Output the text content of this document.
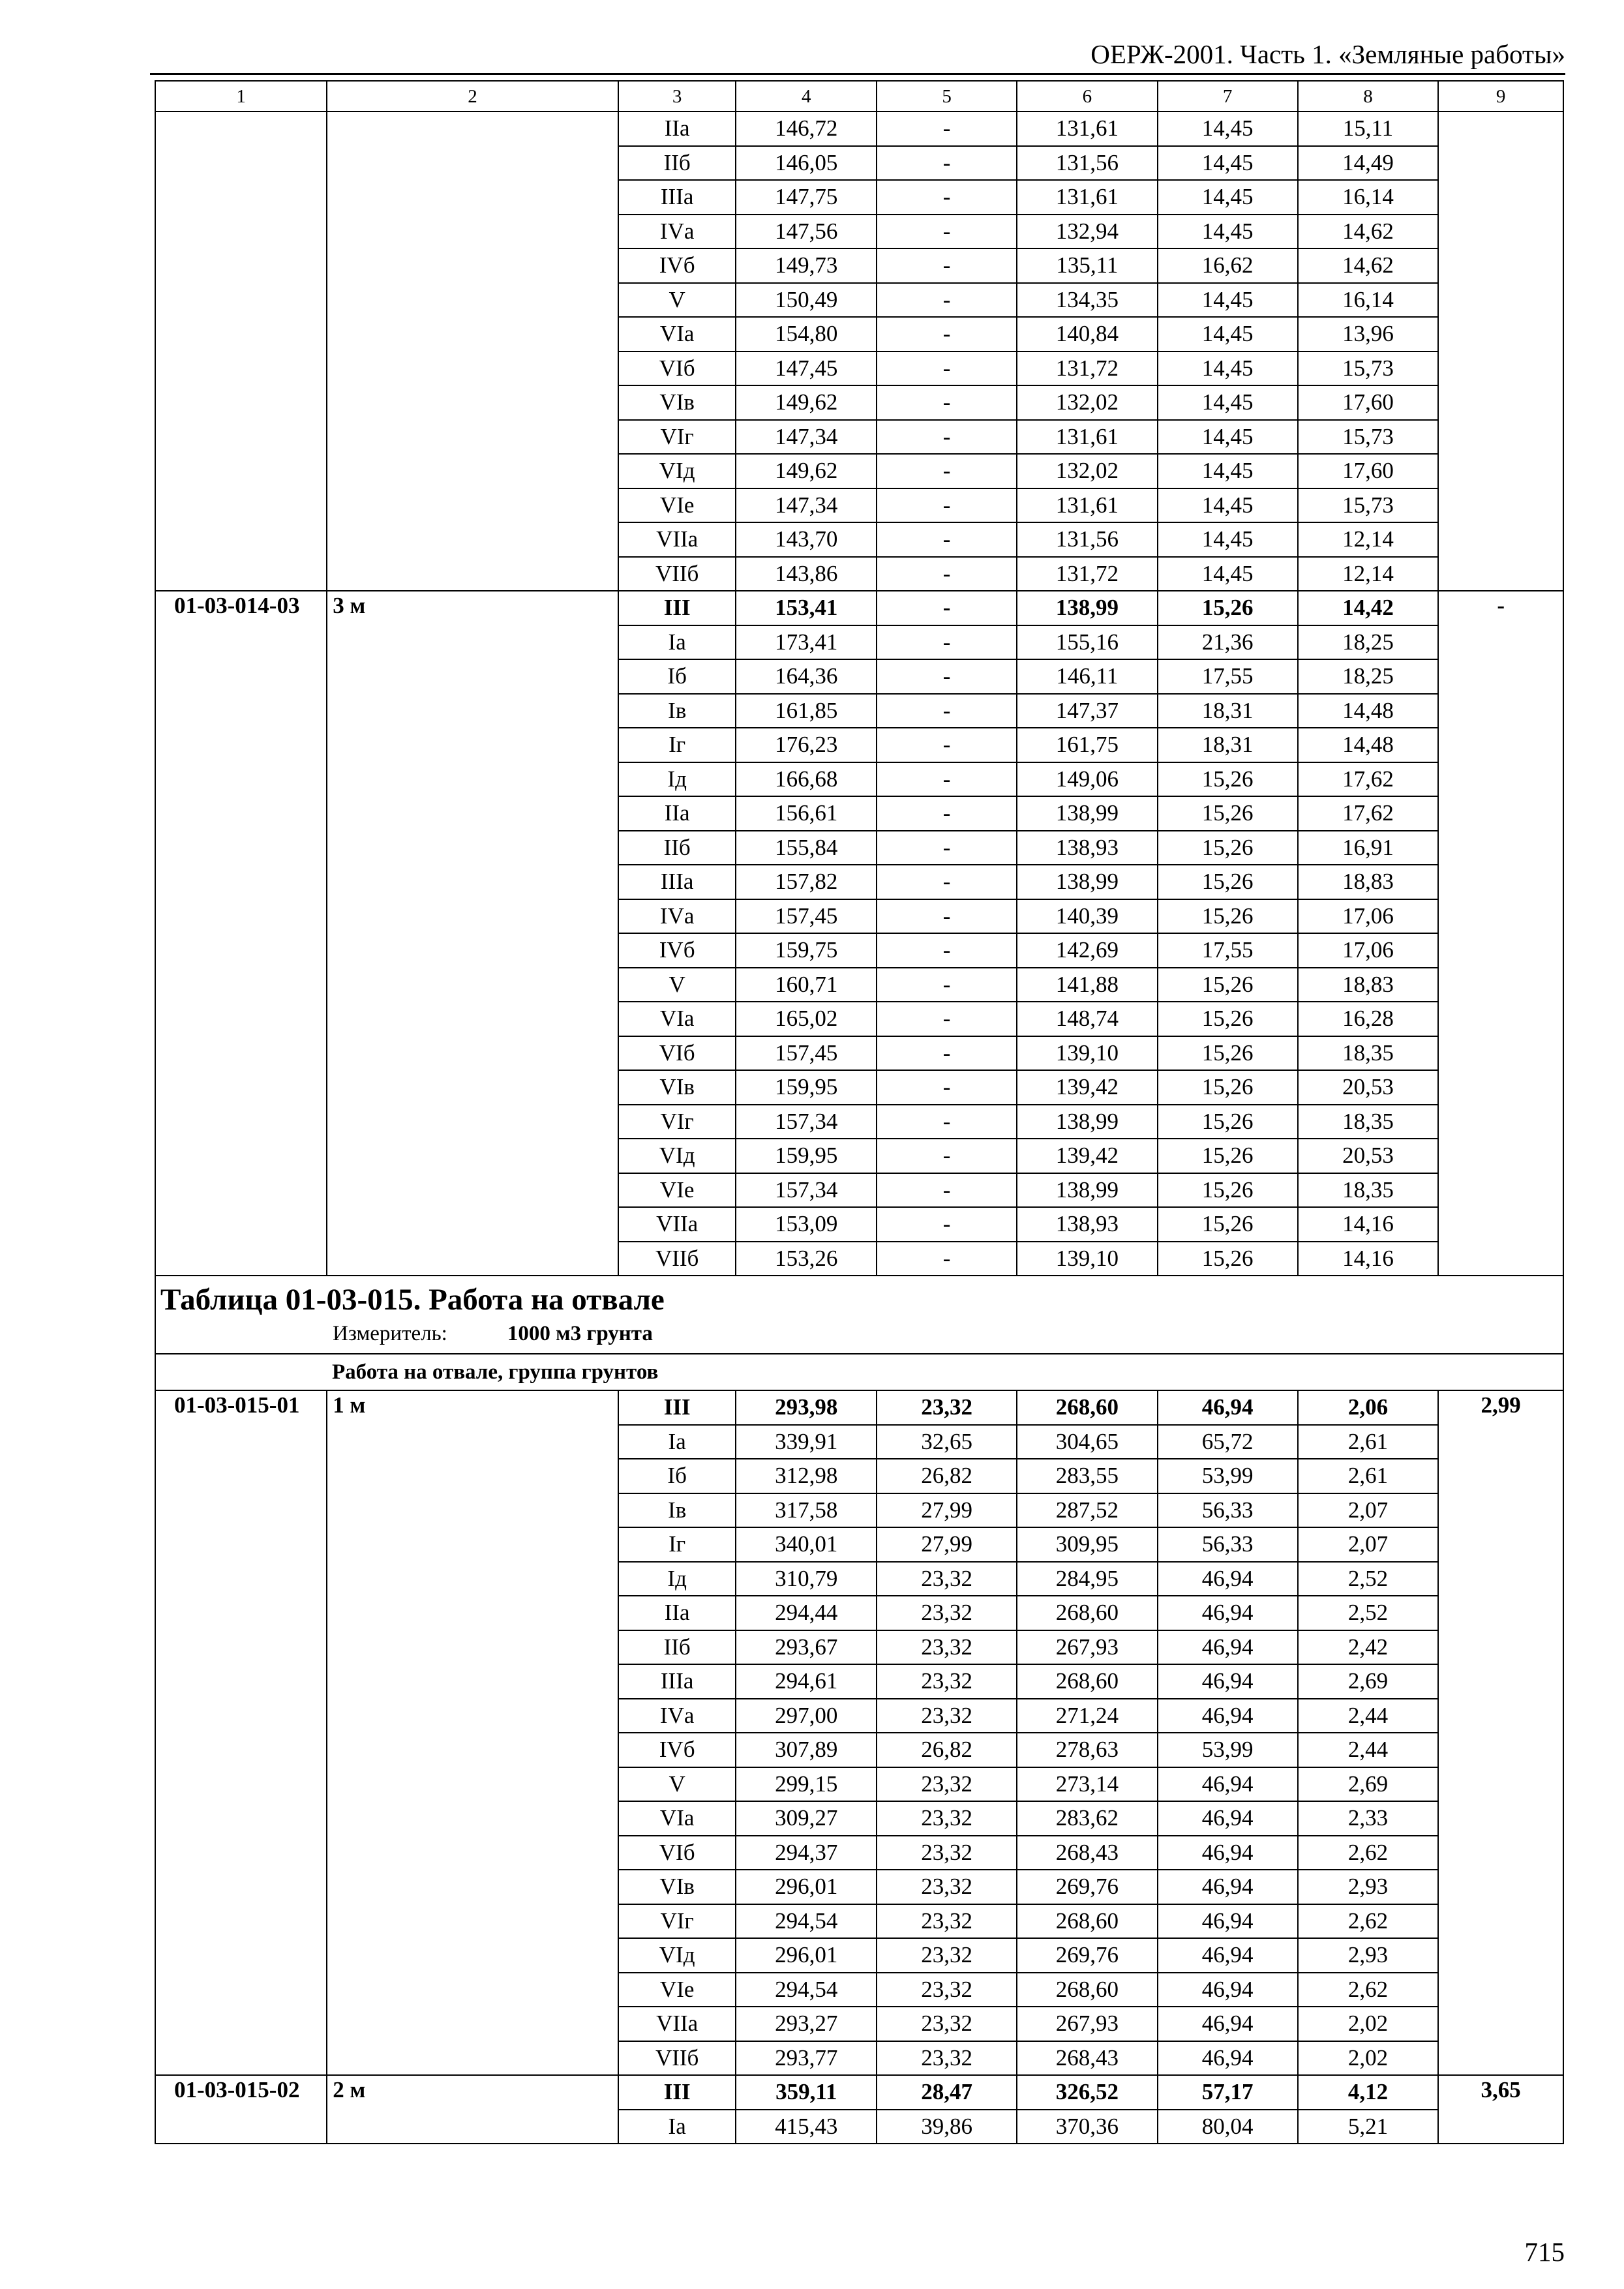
ОЕРЖ-2001. Часть 1. «Земляные работы»
1	2	3	4	5	6	7	8	9
		IIа	146,72	-	131,61	14,45	15,11	
		IIб	146,05	-	131,56	14,45	14,49	
		IIIа	147,75	-	131,61	14,45	16,14	
		IVа	147,56	-	132,94	14,45	14,62	
		IVб	149,73	-	135,11	16,62	14,62	
		V	150,49	-	134,35	14,45	16,14	
		VIа	154,80	-	140,84	14,45	13,96	
		VIб	147,45	-	131,72	14,45	15,73	
		VIв	149,62	-	132,02	14,45	17,60	
		VIг	147,34	-	131,61	14,45	15,73	
		VIд	149,62	-	132,02	14,45	17,60	
		VIе	147,34	-	131,61	14,45	15,73	
		VIIа	143,70	-	131,56	14,45	12,14	
		VIIб	143,86	-	131,72	14,45	12,14	
01-03-014-03	3 м	III	153,41	-	138,99	15,26	14,42	-
		Iа	173,41	-	155,16	21,36	18,25	
		Iб	164,36	-	146,11	17,55	18,25	
		Iв	161,85	-	147,37	18,31	14,48	
		Iг	176,23	-	161,75	18,31	14,48	
		Iд	166,68	-	149,06	15,26	17,62	
		IIа	156,61	-	138,99	15,26	17,62	
		IIб	155,84	-	138,93	15,26	16,91	
		IIIа	157,82	-	138,99	15,26	18,83	
		IVа	157,45	-	140,39	15,26	17,06	
		IVб	159,75	-	142,69	17,55	17,06	
		V	160,71	-	141,88	15,26	18,83	
		VIа	165,02	-	148,74	15,26	16,28	
		VIб	157,45	-	139,10	15,26	18,35	
		VIв	159,95	-	139,42	15,26	20,53	
		VIг	157,34	-	138,99	15,26	18,35	
		VIд	159,95	-	139,42	15,26	20,53	
		VIе	157,34	-	138,99	15,26	18,35	
		VIIа	153,09	-	138,93	15,26	14,16	
		VIIб	153,26	-	139,10	15,26	14,16	

Таблица 01-03-015. Работа на отвале
Измеритель: 1000 м3 грунта								

Работа на отвале, группа грунтов								
01-03-015-01	1 м	III	293,98	23,32	268,60	46,94	2,06	2,99
		Iа	339,91	32,65	304,65	65,72	2,61	
		Iб	312,98	26,82	283,55	53,99	2,61	
		Iв	317,58	27,99	287,52	56,33	2,07	
		Iг	340,01	27,99	309,95	56,33	2,07	
		Iд	310,79	23,32	284,95	46,94	2,52	
		IIа	294,44	23,32	268,60	46,94	2,52	
		IIб	293,67	23,32	267,93	46,94	2,42	
		IIIа	294,61	23,32	268,60	46,94	2,69	
		IVа	297,00	23,32	271,24	46,94	2,44	
		IVб	307,89	26,82	278,63	53,99	2,44	
		V	299,15	23,32	273,14	46,94	2,69	
		VIа	309,27	23,32	283,62	46,94	2,33	
		VIб	294,37	23,32	268,43	46,94	2,62	
		VIв	296,01	23,32	269,76	46,94	2,93	
		VIг	294,54	23,32	268,60	46,94	2,62	
		VIд	296,01	23,32	269,76	46,94	2,93	
		VIе	294,54	23,32	268,60	46,94	2,62	
		VIIа	293,27	23,32	267,93	46,94	2,02	
		VIIб	293,77	23,32	268,43	46,94	2,02	
01-03-015-02	2 м	III	359,11	28,47	326,52	57,17	4,12	3,65
		Iа	415,43	39,86	370,36	80,04	5,21	
715
